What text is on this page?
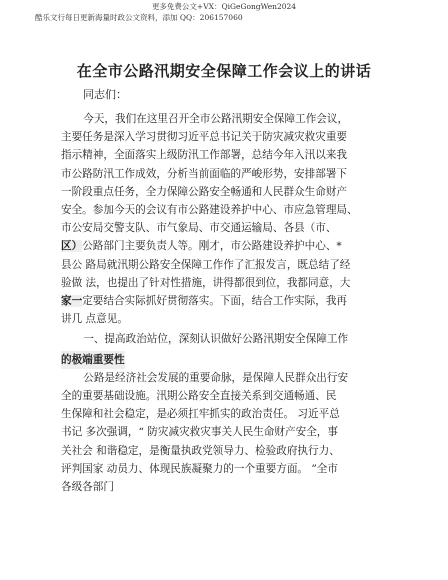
更多免费公文+VX：QiGeGongWen2024
酷乐文行每日更新海量时政公文资料，添加 QQ：206157060
在全市公路汛期安全保障工作会议上的讲话
同志们：

今天，我们在这里召开全市公路汛期安全保障工作会议，

主要任务是深入学习贯彻习近平总书记关于防灾减灾救灾重要
指示精神，全面落实上级防汛工作部署，总结今年入汛以来我
市公路防汛工作成效，分析当前面临的严峻形势，安排部署下
一阶段重点任务，全力保障公路安全畅通和人民群众生命财产
安全。参加今天的会议有市公路建设养护中心、市应急管理局、
市公安局交警支队、市气象局、市交通运输局、各县（市、
区）公路部门主要负责人等。刚才，市公路建设养护中心、*
县公 路局就汛期公路安全保障工作作了汇报发言，既总结了经
验做 法，也提出了针对性措施，讲得都很到位，我都同意，大
家一定要结合实际抓好贯彻落实。下面，结合工作实际，我再
讲几 点意见。

一、提高政治站位，深刻认识做好公路汛期安全保障工作

的极端重要性

公路是经济社会发展的重要命脉，是保障人民群众出行安

全的重要基础设施。汛期公路安全直接关系到交通畅通、民
生保障和社会稳定，是必须扛牢抓实的政治责任。 习近平总
书记 多次强调，“ 防灾减灾救灾事关人民生命财产安全，事
关社会 和谐稳定，是衡量执政党领导力、检验政府执行力、
评判国家 动员力、体现民族凝聚力的一个重要方面。 ”全市
各级各部门
